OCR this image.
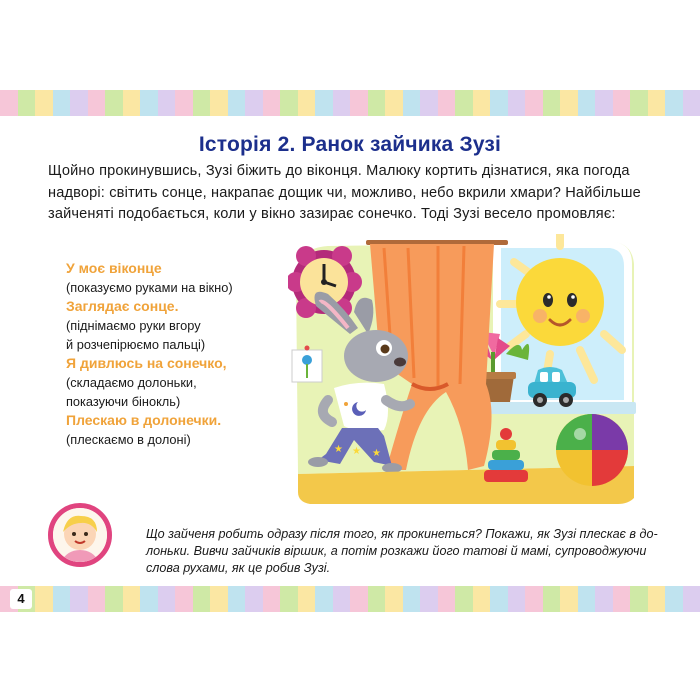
Історія 2. Ранок зайчика Зузі
Щойно прокинувшись, Зузі біжить до віконця. Малюку кортить дізнатися, яка погода
надворі: світить сонце, накрапає дощик чи, можливо, небо вкрили хмари? Найбільше
зайченяті подобається, коли у вікно зазирає сонечко. Тоді Зузі весело промовляє:
У моє віконце
(показуємо руками на вікно)
Заглядає сонце.
(піднімаємо руки вгору
й розчепірюємо пальці)
Я дивлюсь на сонечко,
(складаємо долоньки,
показуючи бінокль)
Плескаю в долонечки.
(плескаємо в долоні)
★ ★
★
Що зайченя робить одразу після того, як прокинеться? Покажи, як Зузі плескає в до-
лоньки. Вивчи зайчиків віршик, а потім розкажи його татові й мамі, супроводжуючи
слова рухами, як це робив Зузі.
4
